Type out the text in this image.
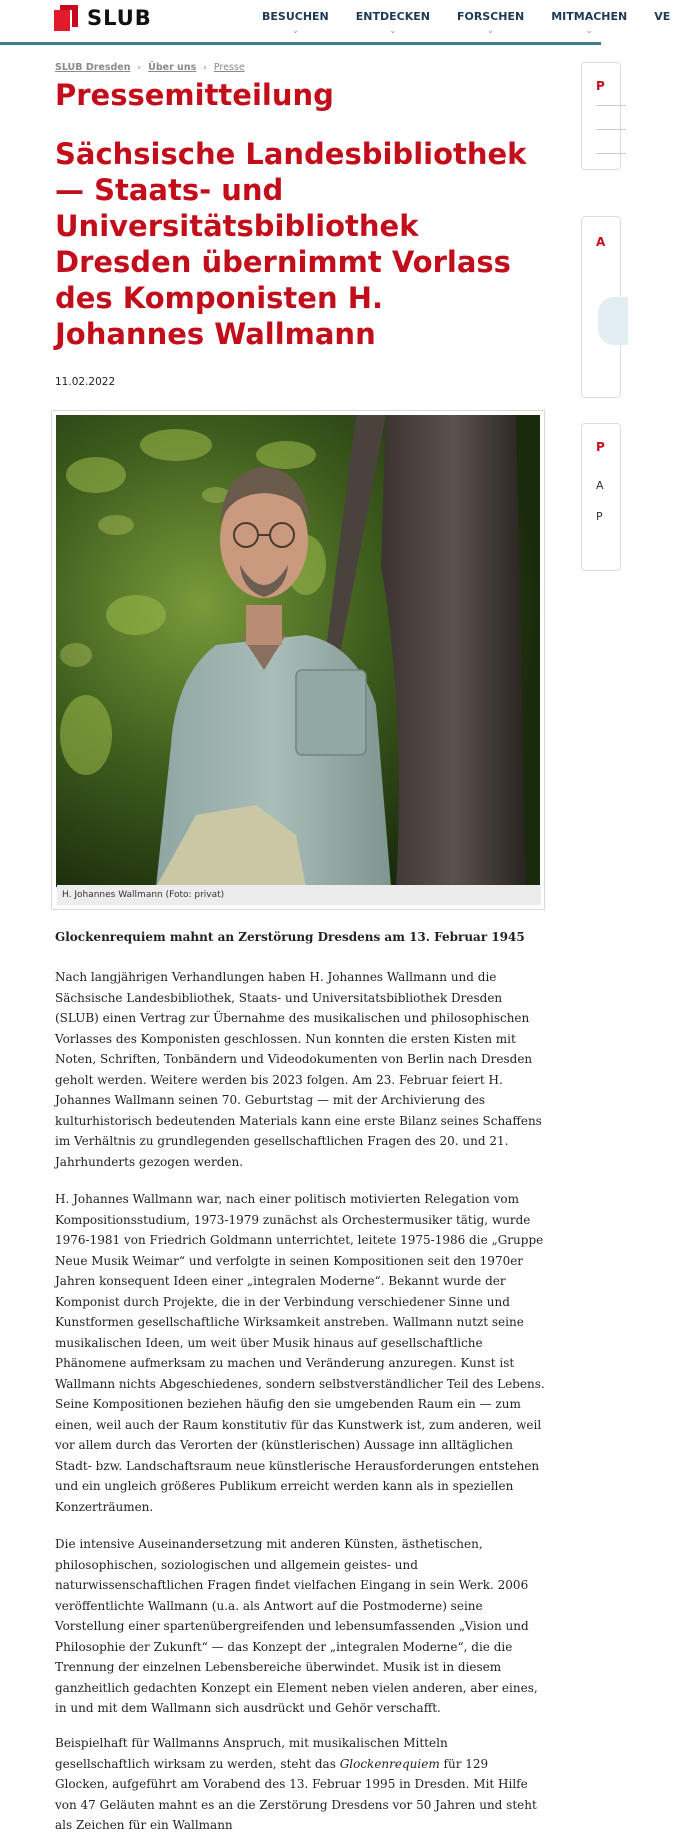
SLUB	BESUCHEN
⌄
ENTDECKEN
⌄
FORSCHEN
⌄
MITMACHEN
⌄
VE
P
A
P
A
P
SLUB Dresden › Über uns › Presse
Pressemitteilung
Sächsische Landesbibliothek — Staats- und Universitätsbibliothek Dresden übernimmt Vorlass des Komponisten H. Johannes Wallmann
11.02.2022
H. Johannes Wallmann (Foto: privat)
Glockenrequiem mahnt an Zerstörung Dresdens am 13. Februar 1945

Nach langjährigen Verhandlungen haben H. Johannes Wallmann und die Sächsische Landesbibliothek, Staats- und Universitatsbibliothek Dresden (SLUB) einen Vertrag zur Übernahme des musikalischen und philosophischen Vorlasses des Komponisten geschlossen. Nun konnten die ersten Kisten mit Noten, Schriften, Tonbändern und Videodokumenten von Berlin nach Dresden geholt werden. Weitere werden bis 2023 folgen. Am 23. Februar feiert H. Johannes Wallmann seinen 70. Geburtstag — mit der Archivierung des kulturhistorisch bedeutenden Materials kann eine erste Bilanz seines Schaffens im Verhältnis zu grundlegenden gesellschaftlichen Fragen des 20. und 21. Jahrhunderts gezogen werden.

H. Johannes Wallmann war, nach einer politisch motivierten Relegation vom Kompositionsstudium, 1973-1979 zunächst als Orchestermusiker tätig, wurde 1976-1981 von Friedrich Goldmann unterrichtet, leitete 1975-1986 die „Gruppe Neue Musik Weimar“ und verfolgte in seinen Kompositionen seit den 1970er Jahren konsequent Ideen einer „integralen Moderne“. Bekannt wurde der Komponist durch Projekte, die in der Verbindung verschiedener Sinne und Kunstformen gesellschaftliche Wirksamkeit anstreben. Wallmann nutzt seine musikalischen Ideen, um weit über Musik hinaus auf gesellschaftliche Phänomene aufmerksam zu machen und Veränderung anzuregen. Kunst ist Wallmann nichts Abgeschiedenes, sondern selbstverständlicher Teil des Lebens. Seine Kompositionen beziehen häufig den sie umgebenden Raum ein — zum einen, weil auch der Raum konstitutiv für das Kunstwerk ist, zum anderen, weil vor allem durch das Verorten der (künstlerischen) Aussage inn alltäglichen Stadt- bzw. Landschaftsraum neue künstlerische Herausforderungen entstehen und ein ungleich größeres Publikum erreicht werden kann als in speziellen Konzerträumen.

Die intensive Auseinandersetzung mit anderen Künsten, ästhetischen, philosophischen, soziologischen und allgemein geistes- und naturwissenschaftlichen Fragen findet vielfachen Eingang in sein Werk. 2006 veröffentlichte Wallmann (u.a. als Antwort auf die Postmoderne) seine Vorstellung einer spartenübergreifenden und lebensumfassenden „Vision und Philosophie der Zukunft“ — das Konzept der „integralen Moderne“, die die Trennung der einzelnen Lebensbereiche überwindet. Musik ist in diesem ganzheitlich gedachten Konzept ein Element neben vielen anderen, aber eines, in und mit dem Wallmann sich ausdrückt und Gehör verschafft.

Beispielhaft für Wallmanns Anspruch, mit musikalischen Mitteln gesellschaftlich wirksam zu werden, steht das Glockenrequiem für 129 Glocken, aufgeführt am Vorabend des 13. Februar 1995 in Dresden. Mit Hilfe von 47 Geläuten mahnt es an die Zerstörung Dresdens vor 50 Jahren und steht als Zeichen für ein Wallmann
